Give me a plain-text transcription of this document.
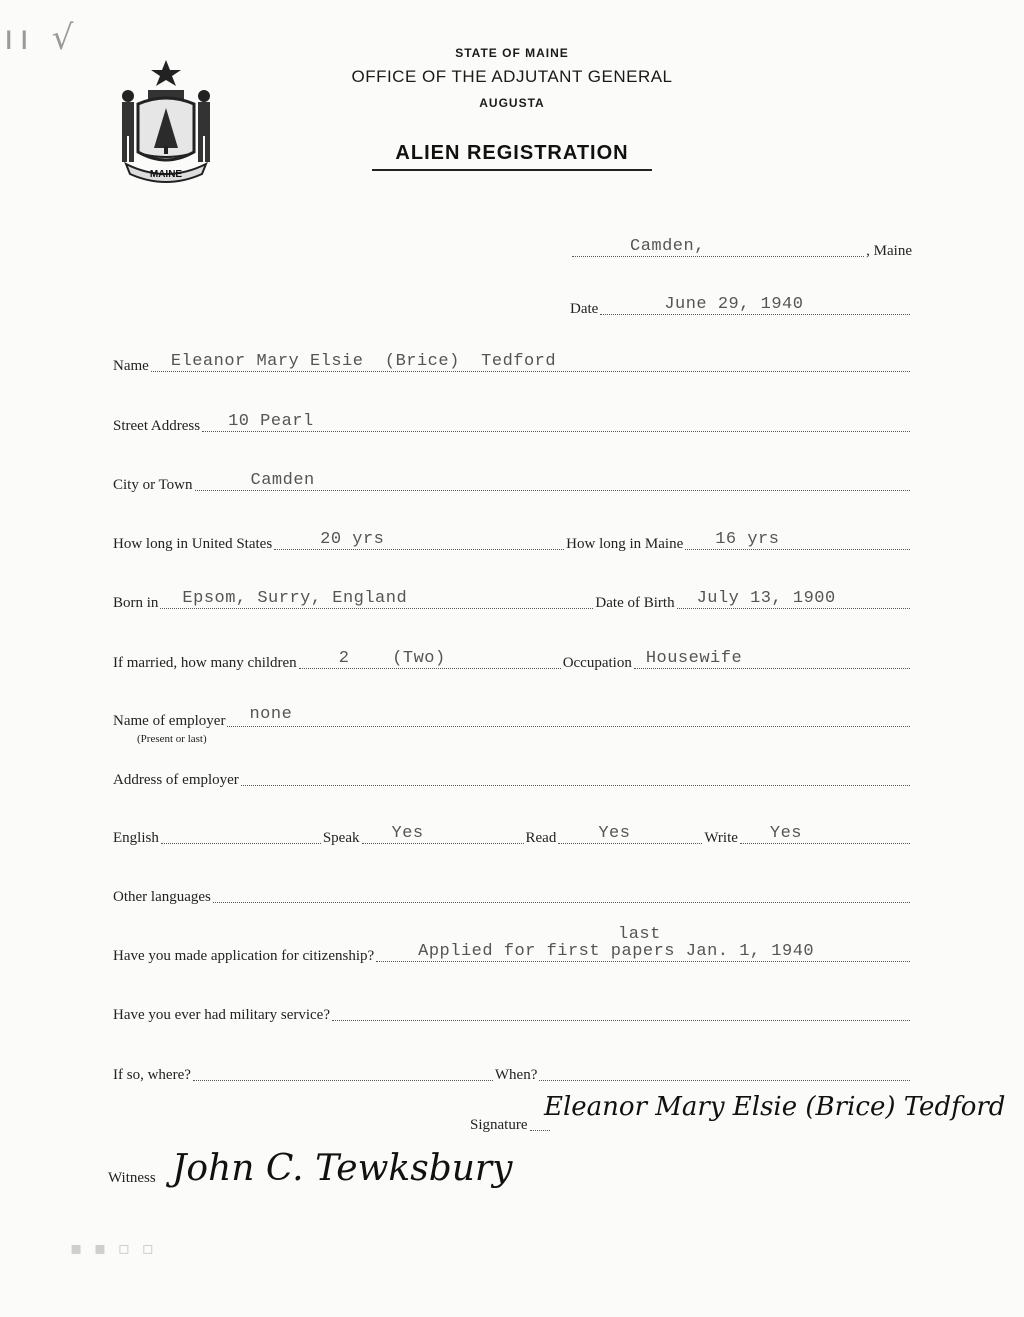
ıı √
MAINE
STATE OF MAINE
OFFICE OF THE ADJUTANT GENERAL
AUGUSTA
ALIEN REGISTRATION
Camden,	, Maine
Date	June 29, 1940
Name Eleanor Mary Elsie  (Brice)  Tedford
Street Address 10 Pearl
City or Town	Camden
How long in United States	20 yrs	How long in Maine 16 yrs
Born in Epsom, Surry, England	Date of Birth July 13, 1900
If married, how many children 2    (Two)	Occupation Housewife
Name of employer none
(Present or last)
Address of employer
English	Speak Yes	Read Yes	Write Yes
Other languages
last
Have you made application for citizenship?	Applied for first papers Jan. 1, 1940
Have you ever had military service?
If so, where?	When?
Signature
Eleanor Mary Elsie (Brice) Tedford
Witness John C. Tewksbury
▪ ▪ ▫ ▫
